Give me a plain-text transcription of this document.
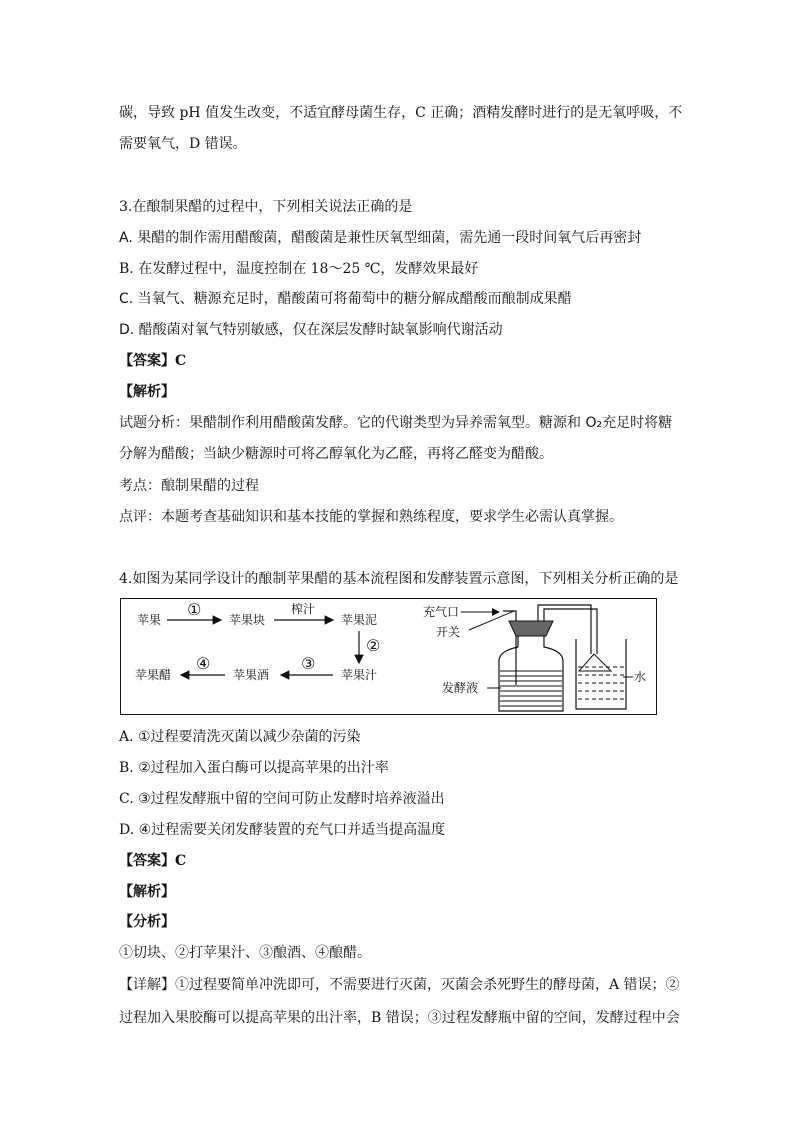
碳，导致 pH 值发生改变，不适宜酵母菌生存，C 正确；酒精发酵时进行的是无氧呼吸，不
需要氧气，D 错误。
3.在酿制果醋的过程中，下列相关说法正确的是
A. 果醋的制作需用醋酸菌，醋酸菌是兼性厌氧型细菌，需先通一段时间氧气后再密封
B. 在发酵过程中，温度控制在 18～25 ℃，发酵效果最好
C. 当氧气、糖源充足时，醋酸菌可将葡萄中的糖分解成醋酸而酿制成果醋
D. 醋酸菌对氧气特别敏感，仅在深层发酵时缺氧影响代谢活动
【答案】C
【解析】
试题分析：果醋制作利用醋酸菌发酵。它的代谢类型为异养需氧型。糖源和 O₂充足时将糖
分解为醋酸；当缺少糖源时可将乙醇氧化为乙醛，再将乙醛变为醋酸。
考点：酿制果醋的过程
点评：本题考查基础知识和基本技能的掌握和熟练程度，要求学生必需认真掌握。
4.如图为某同学设计的酿制苹果醋的基本流程图和发酵装置示意图，下列相关分析正确的是
苹果	苹果块	苹果泥
苹果汁
苹果酒
苹果醋
①	榨汁
②
③
④
充气口
开关
发酵液
水
A. ①过程要清洗灭菌以减少杂菌的污染
B. ②过程加入蛋白酶可以提高苹果的出汁率
C. ③过程发酵瓶中留的空间可防止发酵时培养液溢出
D. ④过程需要关闭发酵装置的充气口并适当提高温度
【答案】C
【解析】
【分析】
①切块、②打苹果汁、③酿酒、④酿醋。
【详解】①过程要简单冲洗即可，不需要进行灭菌，灭菌会杀死野生的酵母菌，A 错误；②
过程加入果胶酶可以提高苹果的出汁率，B 错误；③过程发酵瓶中留的空间，发酵过程中会
